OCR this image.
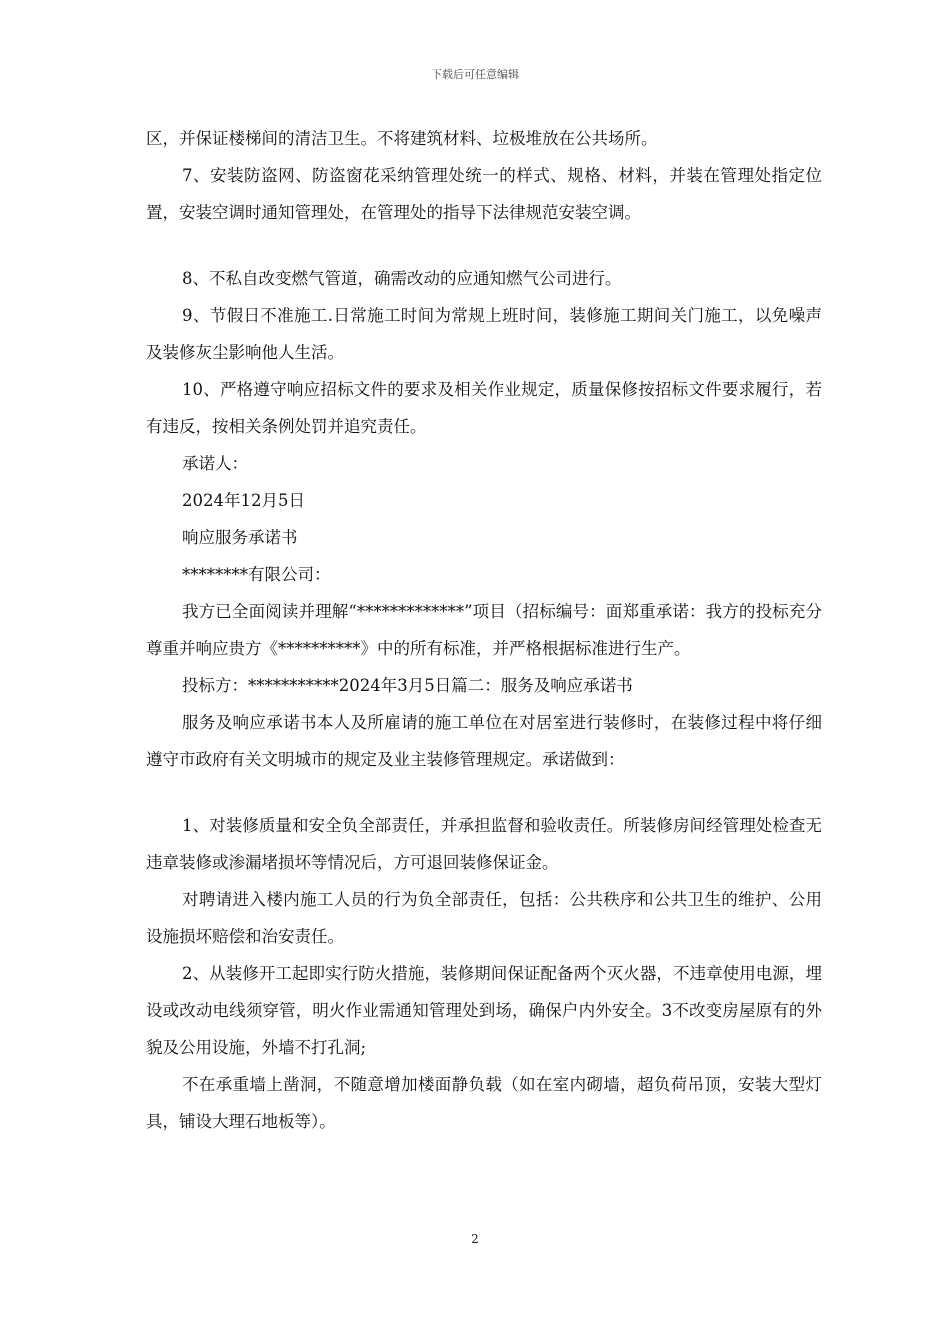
下载后可任意编辑

区，并保证楼梯间的清洁卫生。不将建筑材料、垃极堆放在公共场所。

7、安装防盗网、防盗窗花采纳管理处统一的样式、规格、材料，并装在管理处指定位置，安装空调时通知管理处，在管理处的指导下法律规范安装空调。

8、不私自改变燃气管道，确需改动的应通知燃气公司进行。

9、节假日不准施工.日常施工时间为常规上班时间，装修施工期间关门施工，以免噪声及装修灰尘影响他人生活。

10、严格遵守响应招标文件的要求及相关作业规定，质量保修按招标文件要求履行，若有违反，按相关条例处罚并追究责任。

承诺人：

2024年12月5日

响应服务承诺书

********有限公司：

我方已全面阅读并理解“*************”项目（招标编号：面郑重承诺：我方的投标充分尊重并响应贵方《**********》中的所有标准，并严格根据标准进行生产。

投标方：***********2024年3月5日篇二：服务及响应承诺书

服务及响应承诺书本人及所雇请的施工单位在对居室进行装修时，在装修过程中将仔细遵守市政府有关文明城市的规定及业主装修管理规定。承诺做到：

1、对装修质量和安全负全部责任，并承担监督和验收责任。所装修房间经管理处检查无违章装修或渗漏堵损坏等情况后，方可退回装修保证金。

对聘请进入楼内施工人员的行为负全部责任，包括：公共秩序和公共卫生的维护、公用设施损坏赔偿和治安责任。

2、从装修开工起即实行防火措施，装修期间保证配备两个灭火器，不违章使用电源，埋设或改动电线须穿管，明火作业需通知管理处到场，确保户内外安全。3不改变房屋原有的外貌及公用设施，外墙不打孔洞;

不在承重墙上凿洞，不随意增加楼面静负载（如在室内砌墙，超负荷吊顶，安装大型灯具，铺设大理石地板等）。

2
